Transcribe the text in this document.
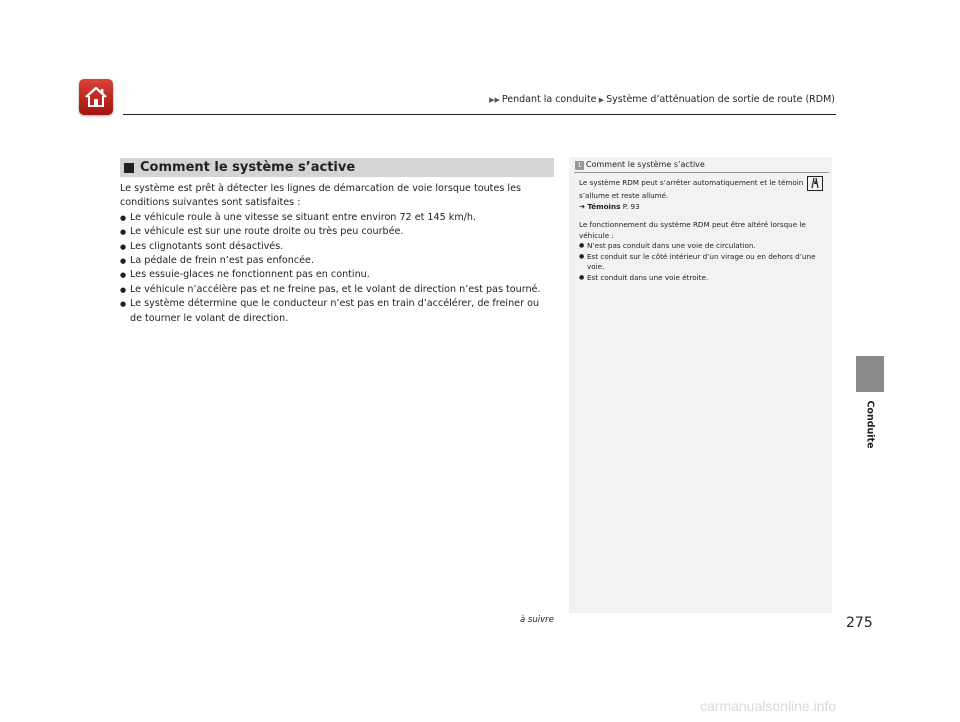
▶▶ Pendant la conduite ▶ Système d’atténuation de sortie de route (RDM)
Comment le système s’active

Le système est prêt à détecter les lignes de démarcation de voie lorsque toutes les conditions suivantes sont satisfaites :

● Le véhicule roule à une vitesse se situant entre environ 72 et 145 km/h.
● Le véhicule est sur une route droite ou très peu courbée.
● Les clignotants sont désactivés.
● La pédale de frein n’est pas enfoncée.
● Les essuie-glaces ne fonctionnent pas en continu.
● Le véhicule n’accélère pas et ne freine pas, et le volant de direction n’est pas tourné.
● Le système détermine que le conducteur n’est pas en train d’accélérer, de freiner ou de tourner le volant de direction.
1 Comment le système s’active

Le système RDM peut s’arrêter automatiquement et le témoin  s’allume et reste allumé.

➔ Témoins P. 93

Le fonctionnement du système RDM peut être altéré lorsque le véhicule :

● N’est pas conduit dans une voie de circulation.
● Est conduit sur le côté intérieur d’un virage ou en dehors d’une voie.
● Est conduit dans une voie étroite.
Conduite
à suivre	275
carmanualsonline.info
